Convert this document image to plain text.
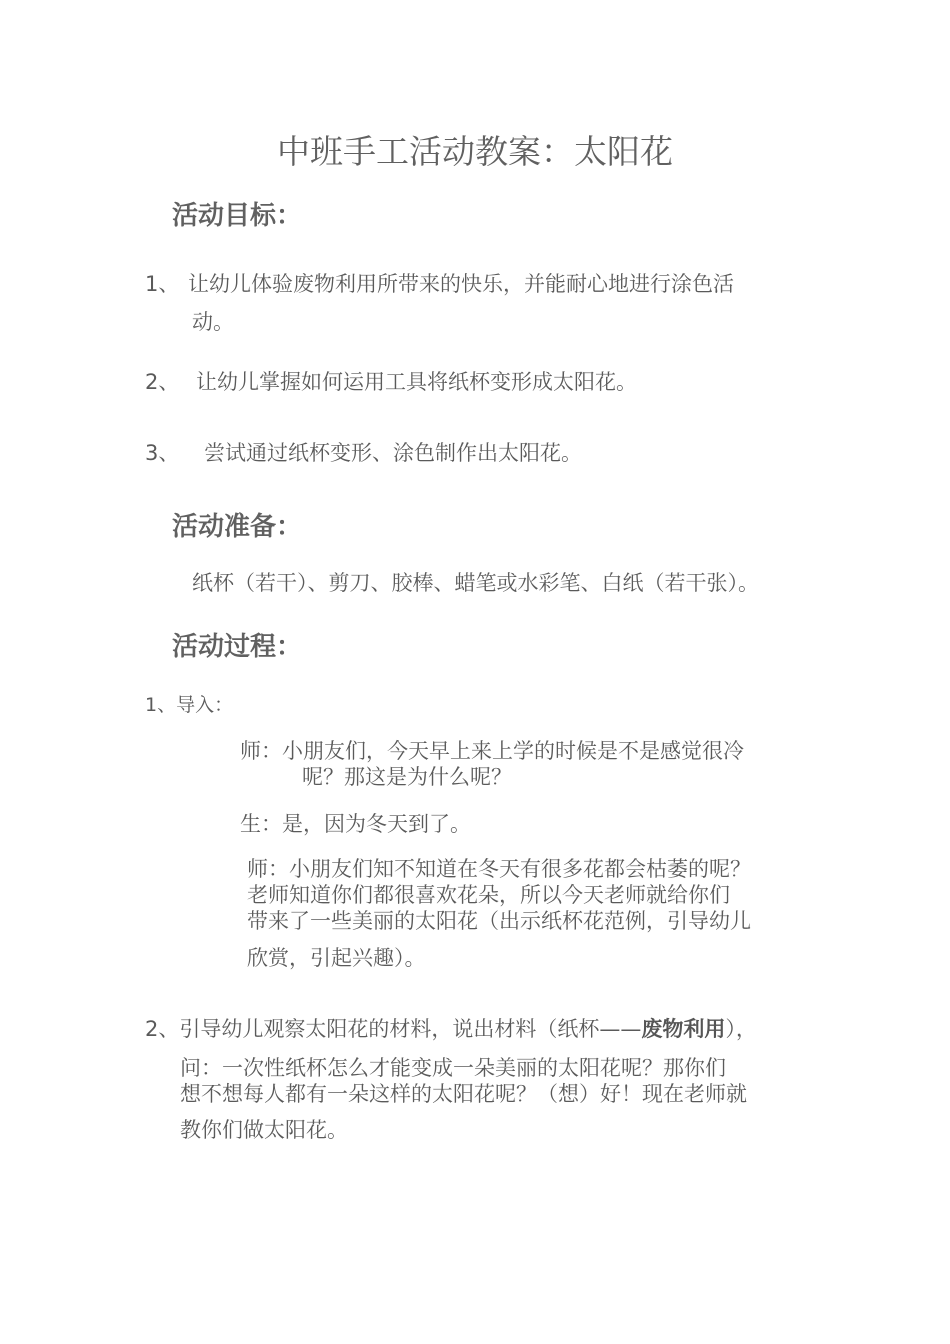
中班手工活动教案：太阳花
活动目标：
1、 让幼儿体验废物利用所带来的快乐，并能耐心地进行涂色活
动。
2、 让幼儿掌握如何运用工具将纸杯变形成太阳花。
3、 尝试通过纸杯变形、涂色制作出太阳花。
活动准备：
纸杯（若干）、剪刀、胶棒、蜡笔或水彩笔、白纸（若干张）。
活动过程：
1、导入：
师：小朋友们，今天早上来上学的时候是不是感觉很冷
呢？那这是为什么呢？
生：是，因为冬天到了。
师：小朋友们知不知道在冬天有很多花都会枯萎的呢？
老师知道你们都很喜欢花朵，所以今天老师就给你们
带来了一些美丽的太阳花（出示纸杯花范例，引导幼儿
欣赏，引起兴趣）。
2、引导幼儿观察太阳花的材料，说出材料（纸杯——废物利用），
问：一次性纸杯怎么才能变成一朵美丽的太阳花呢？那你们
想不想每人都有一朵这样的太阳花呢？（想）好！现在老师就
教你们做太阳花。
